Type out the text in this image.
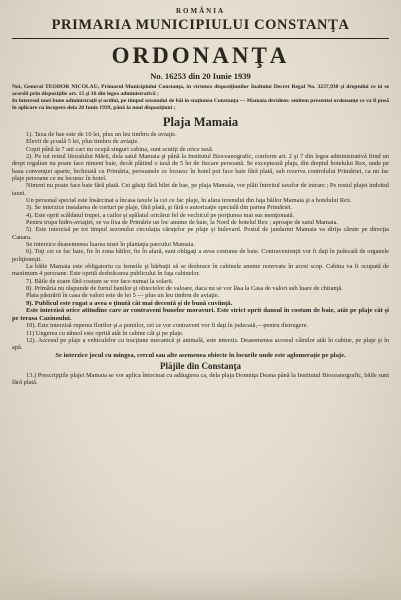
ROMÂNIA
PRIMARIA MUNICIPIULUI CONSTANŢA
ORDONANŢA
No. 16253 din 20 Iunie 1939
Noi, General TEODOR NICOLAU, Primarul Municipiului Constanţa, în virtutea dispoziţiunilor Inaltului Decret Regal No. 3237,938 şi dreptului ce ni se acordă prin dispoziţiile art. 15 şi 16 din legea administrativă ;
In interesul unei bune administraţii şi ordini, pe timpul sezonului de băi în staţiunea Constanţa — Mamaia decidem: emitem prezentei ordonanţe ce va fi pusă în aplicare cu începere dela 20 Iunie 1939, până la noui dispoziţiuni ;
Plaja Mamaia

1). Taxa de bae este de 10 lei, plus un leu timbru de aviaţie.

Elevii de şcoală 5 lei, plus timbru de aviaţie.

Copii până la 7 ani cari nu ocupă singuri cabina, sunt scutiţi de orice taxă.

2). Pe tot restul litoralului Mării, dela satul Mamaia şi până la Institutul Bioceanografic, conform art. 2 şi 7 din legea administrativă fiind un drept regalian nu poate face nimeni baie, decât plătind o taxă de 5 lei de fiecare persoană. Se exceptează plaja, din dreptul hotelului Rex, unde pe baza convenţiei aparte, încheiată cu Primăria, persoanele ce locuesc în hotel pot face baie fără plată, sub rezerva controlului Primăriei, ca nu fac plaje persoane ce nu locuesc în hotel.

Nimeni nu poate face baie fără plată. Cei găsiţi fără bilet de bae, pe plaja Mamaia, vor plăti întreitul taxelor de intrare ; Pe restul plajei indoitul taxei.

Un personal special este însărcinat a încasa taxele la cei ce fac plaje, în afara terenului din faţa băilor Mamaia şi a hotelului Rex.

3). Se interzice instalarea de corturi pe plaje, fără plată, şi fără o autorizaţie specială din partea Primăriei.

4). Este oprit scăldatul trupei, a cailor şi spălatul oricărui fel de vechicul pe porţiunea mai sus menţionată.

Pentru trupa hidro-aviaţiei, se va fixa de Primărie un loc anume de baie, la Nord de hotelul Rex ; aproape de satul Mamaia.

5). Este interzisă pe tot timpul sezonului circulaţia căruţelor pe plaje şi bulevard. Postul de jandarmi Mamaia va dirija cărute pe direcţia Canara.

Se interzice deasemenea luarea nisei în plantaţia parcului Mamaia.

6). Toţi cei ce fac baie, fie în zona băilor, fie în afară, sunt obligaţi a avea costume de baie. Contravenienţii vor fi daţi în judecată de organele poliţieneşti.

La băile Mamaia este obligatoriu ca femeile şi bărbaţii să se desbrace în cabinele anume rezervate în acest scop. Cabina va fi ocupată de maximum 4 persoane. Este oprită desbrăcarea publicului în faţa cabinelor.

7). Băile de soare fără costum se vor face numai la solarii.

8). Primăria nu răspunde de furtul banilor şi obiectelor de valoare, daca nu se vor lăsa la Casa de valori sub luare de chitanţă.

Plata păstrării în casa de valori este de lei 5 — plus un leu timbru de aviaţie.

9). Publicul este rugat a avea o ţinută cât mai decentă şi de bună cuviinţă.
Este interzisă orice atitudine care ar contraveni bunelor moravuri. Este strict oprit dansul în costum de baie, atât pe plaje cât şi pe terasa Cazinoului.

10). Este interzisă ruperea florilor şi a pomilor, cei ce vor contraveni vor fi daţi în judecată,—pentru distrugere.

11) Ungerea cu nămol este oprită atât în cabine cât şi pe plaje.

12). Accesul pe plaje a vehiculelor cu tracţiune mecanică şi animală, este interzis. Deasemenea accesul câinilor atât în cabine, pe plaje şi în apă.

Se interzice jocul cu mingea, cercul sau alte asemenea obiecte în locurile unde este aglomeraţie pe plaje.
Plăjile din Constanţa

13.) Prescripţiile plajei Mamaia se vor aplica întocmai cu adăugirea ca, dela plaja Domniţa Deana până la Institutul Bioceanografic, băile sunt fără plată.
